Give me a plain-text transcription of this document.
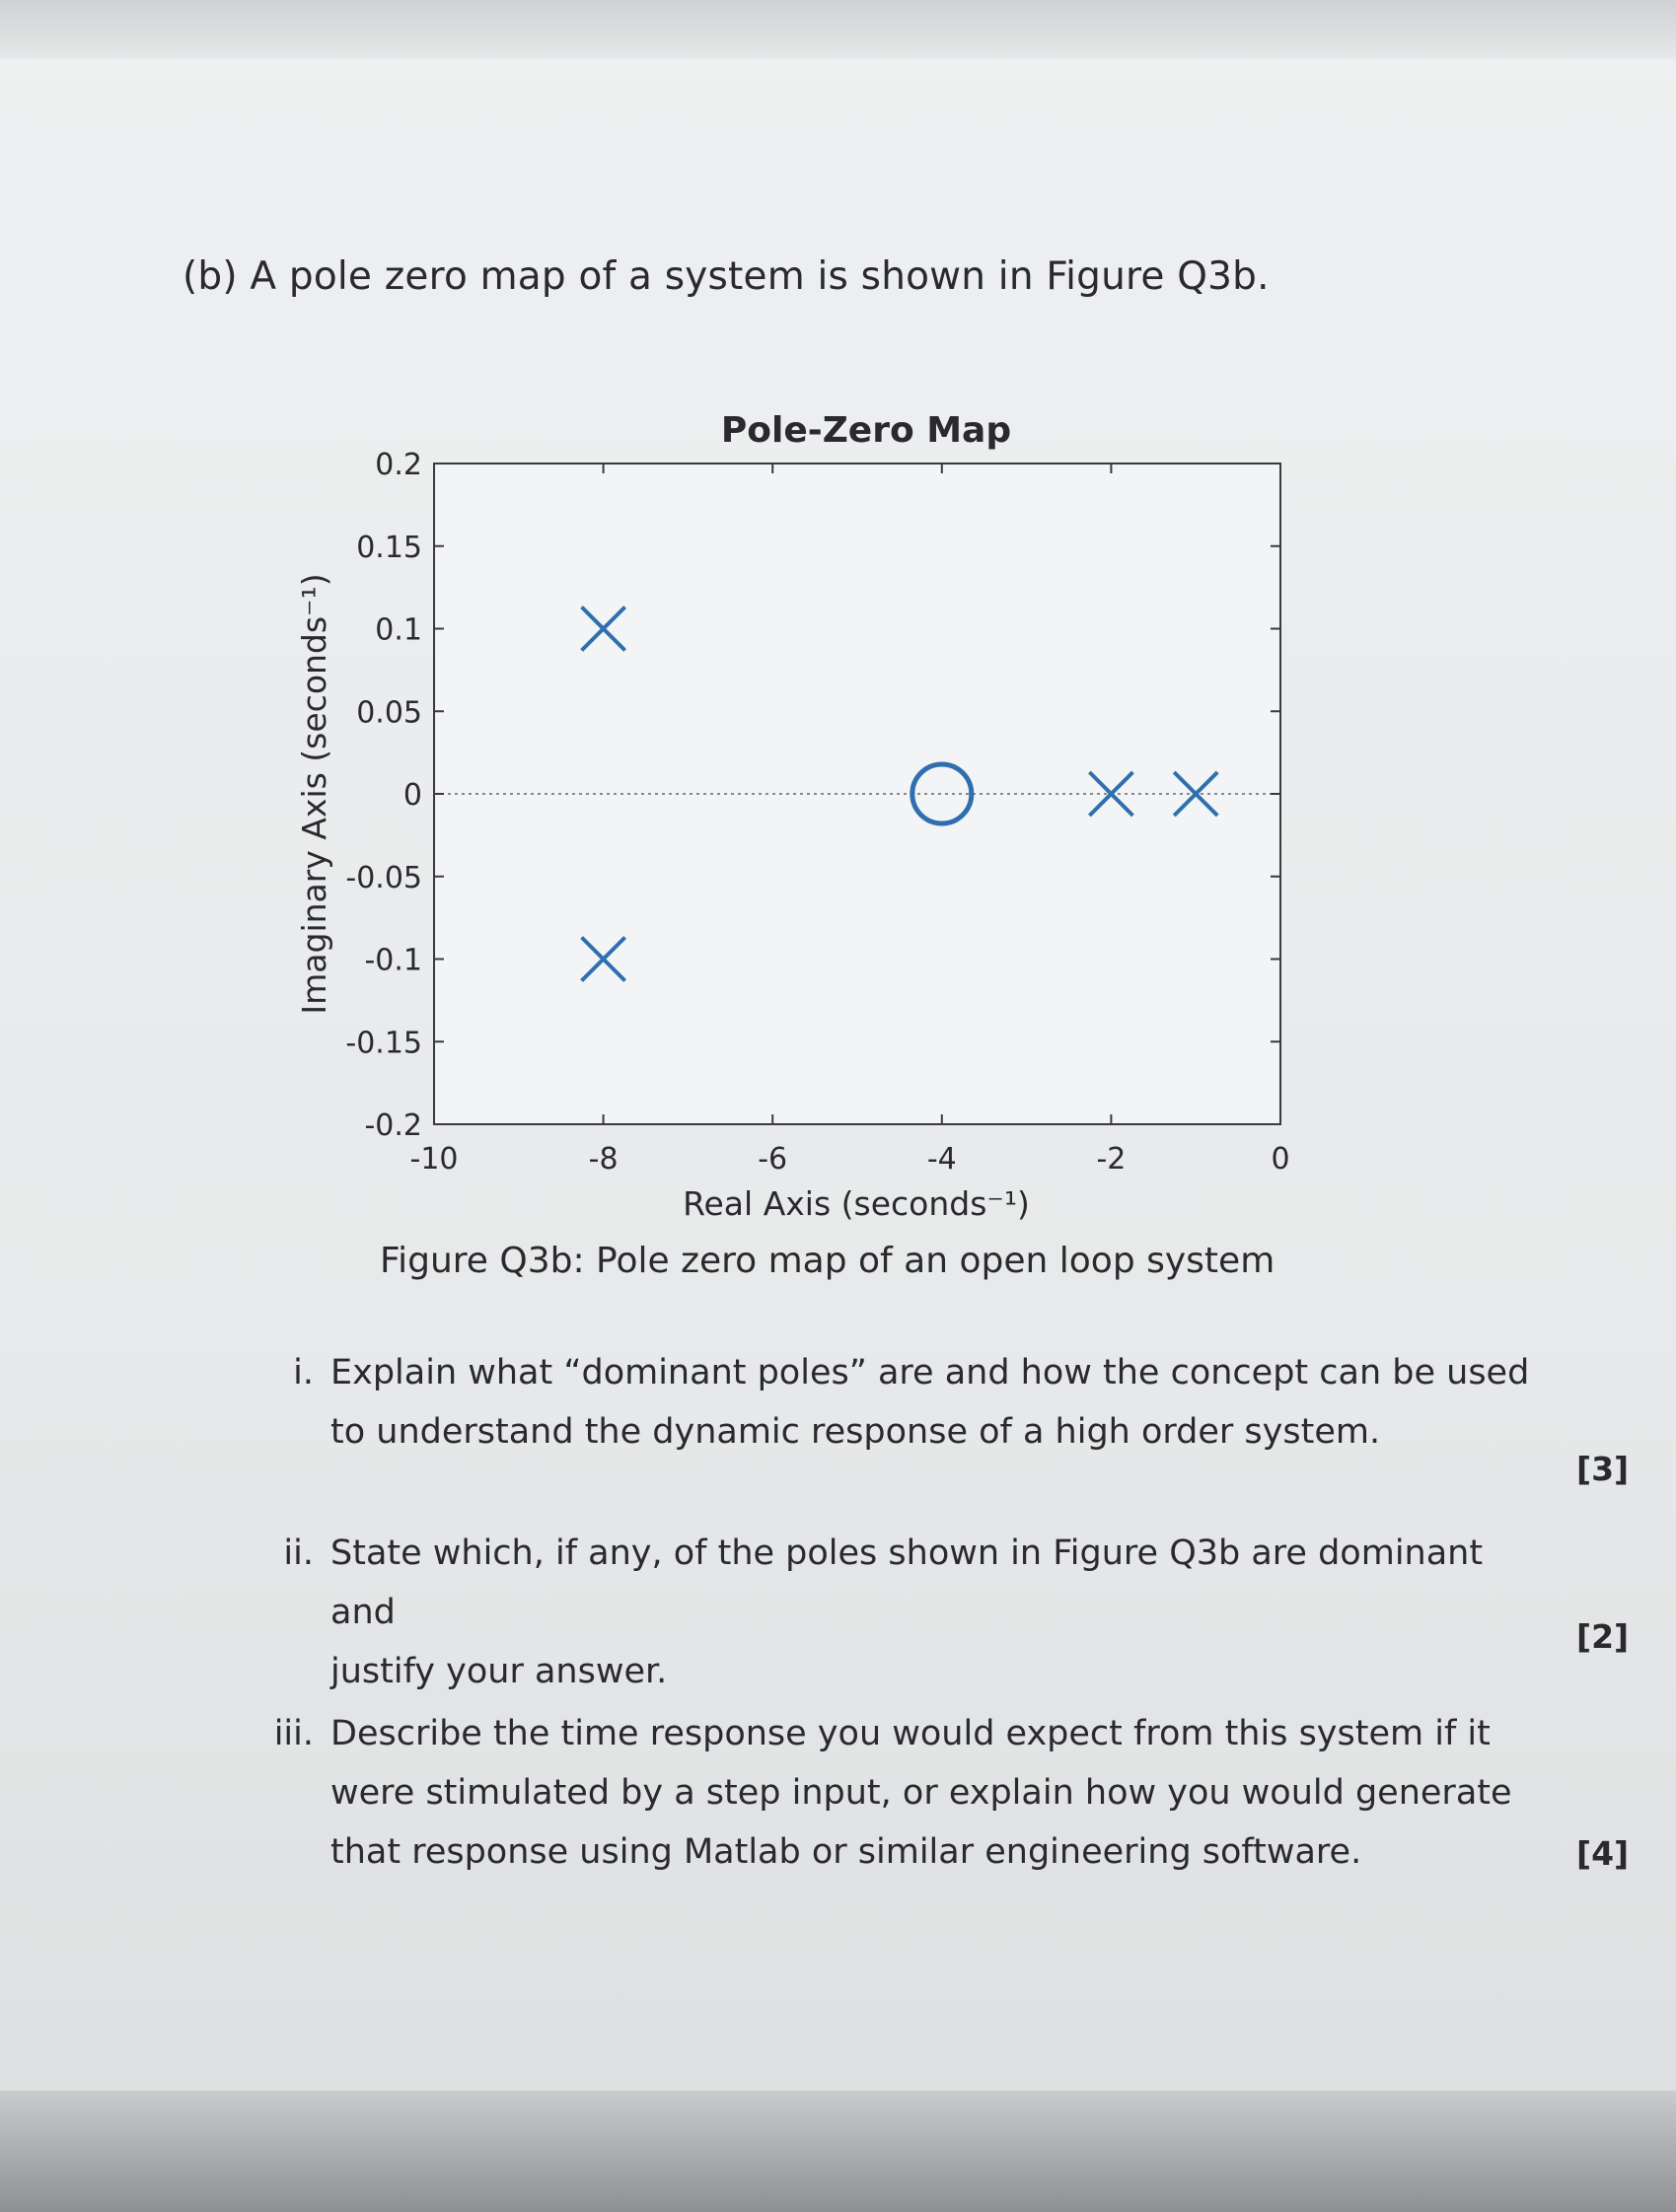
(b) A pole zero map of a system is shown in Figure Q3b.
Pole-Zero Map
-10	-8	-6	-4	-2	0
0.2
0.15
0.1
0.05
0
-0.05
-0.1
-0.15
-0.2
Real Axis (seconds⁻¹)
Imaginary Axis (seconds⁻¹)
Figure Q3b: Pole zero map of an open loop system
i. Explain what “dominant poles” are and how the concept can be used
to understand the dynamic response of a high order system.
[3]
ii. State which, if any, of the poles shown in Figure Q3b are dominant and
justify your answer.
[2]
iii. Describe the time response you would expect from this system if it
were stimulated by a step input, or explain how you would generate
that response using Matlab or similar engineering software.	[4]
